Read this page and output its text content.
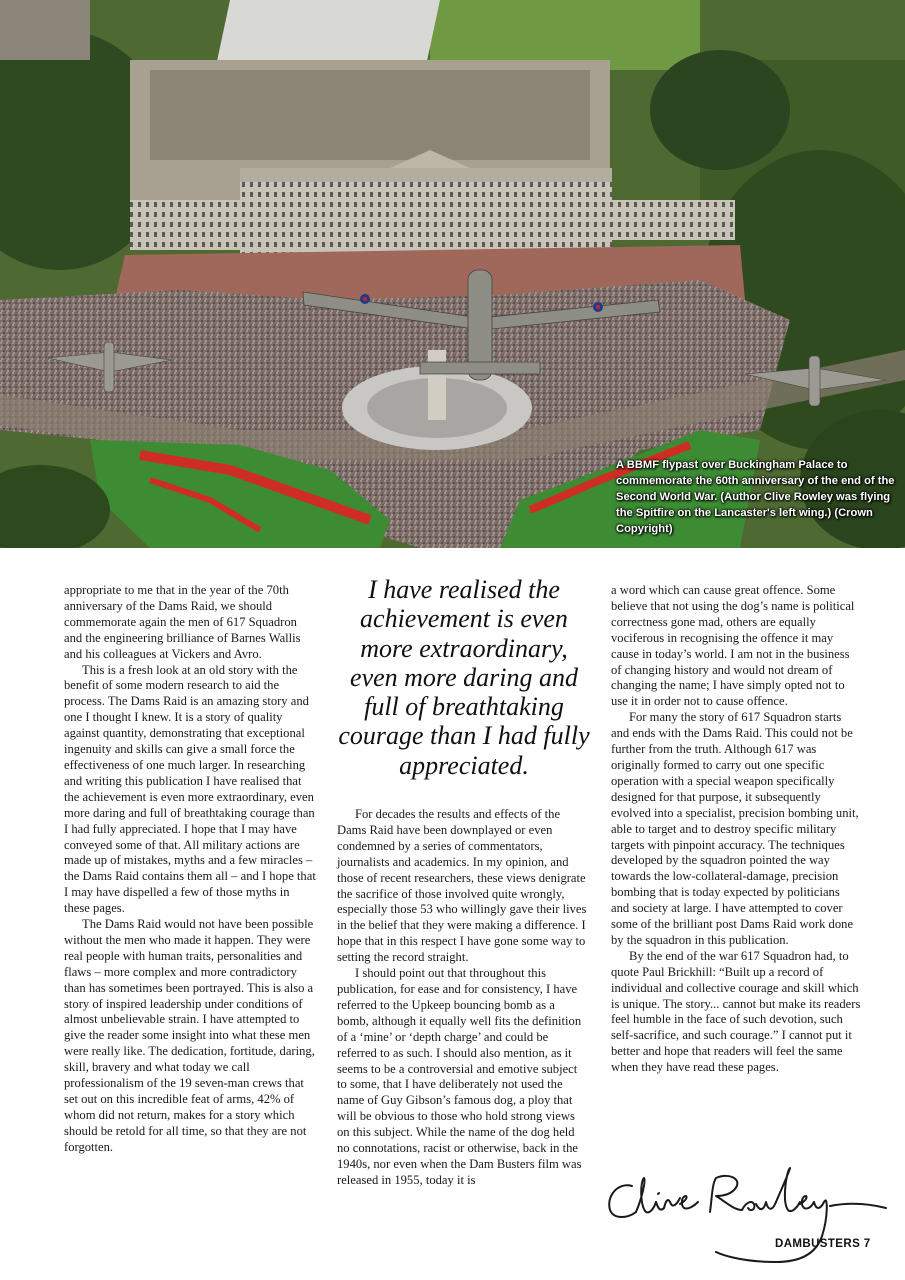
A BBMF flypast over Buckingham Palace to commemorate the 60th anniversary of the end of the Second World War. (Author Clive Rowley was flying the Spitfire on the Lancaster's left wing.) (Crown Copyright)

appropriate to me that in the year of the 70th anniversary of the Dams Raid, we should commemorate again the men of 617 Squadron and the engineering brilliance of Barnes Wallis and his colleagues at Vickers and Avro.

This is a fresh look at an old story with the benefit of some modern research to aid the process. The Dams Raid is an amazing story and one I thought I knew. It is a story of quality against quantity, demonstrating that exceptional ingenuity and skills can give a small force the effectiveness of one much larger. In researching and writing this publication I have realised that the achievement is even more extraordinary, even more daring and full of breathtaking courage than I had fully appreciated. I hope that I may have conveyed some of that. All military actions are made up of mistakes, myths and a few miracles – the Dams Raid contains them all – and I hope that I may have dispelled a few of those myths in these pages.

The Dams Raid would not have been possible without the men who made it happen. They were real people with human traits, personalities and flaws – more complex and more contradictory than has sometimes been portrayed. This is also a story of inspired leadership under conditions of almost unbelievable strain. I have attempted to give the reader some insight into what these men were really like. The dedication, fortitude, daring, skill, bravery and what today we call professionalism of the 19 seven-man crews that set out on this incredible feat of arms, 42% of whom did not return, makes for a story which should be retold for all time, so that they are not forgotten.

I have realised the achievement is even more extraordinary, even more daring and full of breathtaking courage than I had fully appreciated.

For decades the results and effects of the Dams Raid have been downplayed or even condemned by a series of commentators, journalists and academics. In my opinion, and those of recent researchers, these views denigrate the sacrifice of those involved quite wrongly, especially those 53 who willingly gave their lives in the belief that they were making a difference. I hope that in this respect I have gone some way to setting the record straight.

I should point out that throughout this publication, for ease and for consistency, I have referred to the Upkeep bouncing bomb as a bomb, although it equally well fits the definition of a ‘mine’ or ‘depth charge’ and could be referred to as such. I should also mention, as it seems to be a controversial and emotive subject to some, that I have deliberately not used the name of Guy Gibson’s famous dog, a ploy that will be obvious to those who hold strong views on this subject. While the name of the dog held no connotations, racist or otherwise, back in the 1940s, nor even when the Dam Busters film was released in 1955, today it is

a word which can cause great offence. Some believe that not using the dog’s name is political correctness gone mad, others are equally vociferous in recognising the offence it may cause in today’s world. I am not in the business of changing history and would not dream of changing the name; I have simply opted not to use it in order not to cause offence.

For many the story of 617 Squadron starts and ends with the Dams Raid. This could not be further from the truth. Although 617 was originally formed to carry out one specific operation with a special weapon specifically designed for that purpose, it subsequently evolved into a specialist, precision bombing unit, able to target and to destroy specific military targets with pinpoint accuracy. The techniques developed by the squadron pointed the way towards the low-collateral-damage, precision bombing that is today expected by politicians and society at large. I have attempted to cover some of the brilliant post Dams Raid work done by the squadron in this publication.

By the end of the war 617 Squadron had, to quote Paul Brickhill: “Built up a record of individual and collective courage and skill which is unique. The story... cannot but make its readers feel humble in the face of such devotion, such self-sacrifice, and such courage.” I cannot put it better and hope that readers will feel the same when they have read these pages.

DAMBUSTERS 7
